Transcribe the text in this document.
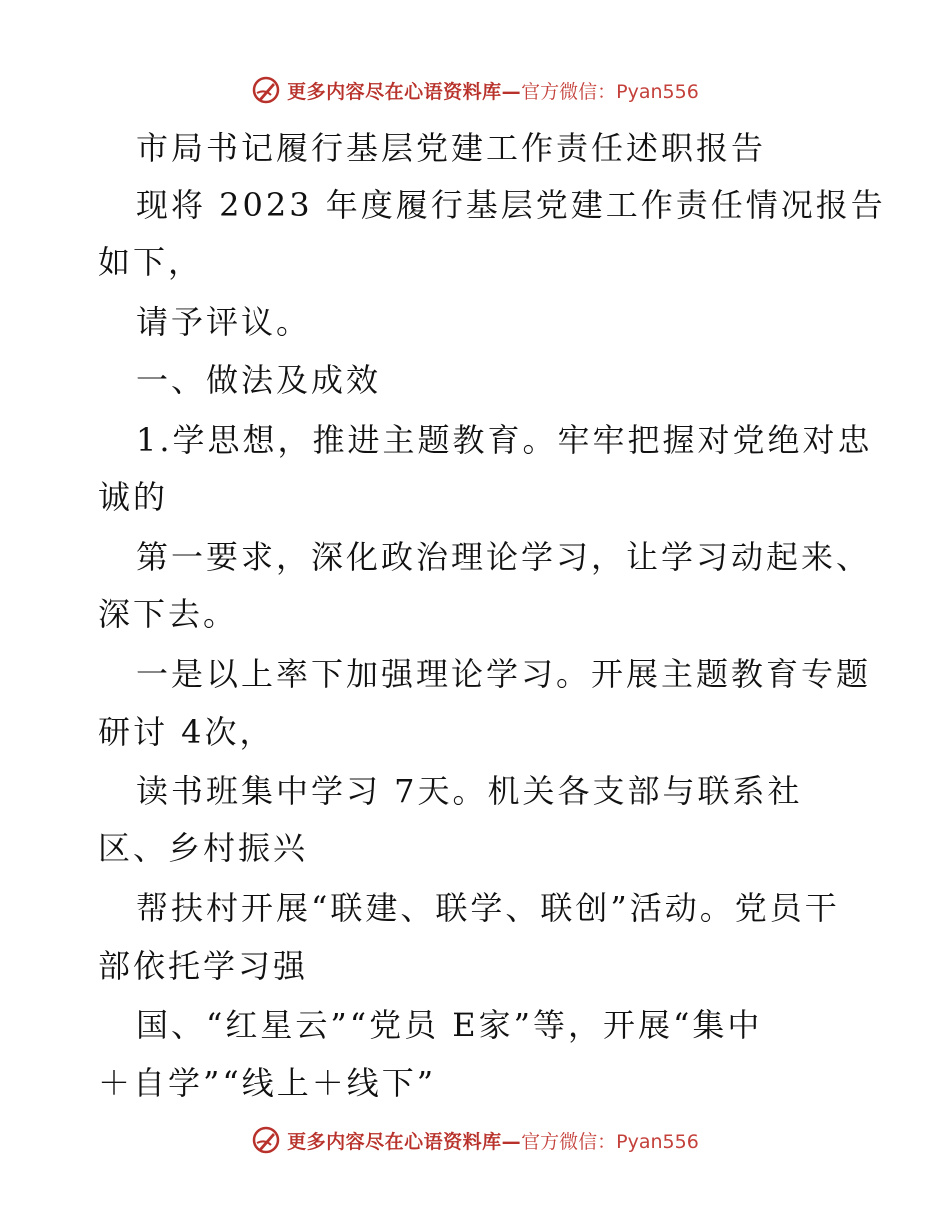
更多内容尽在心语资料库— 官方微信：Pyan556
市局书记履行基层党建工作责任述职报告
现将 2023 年度履行基层党建工作责任情况报告
如下，
请予评议。
一、做法及成效
1.学思想，推进主题教育。牢牢把握对党绝对忠
诚的
第一要求，深化政治理论学习，让学习动起来、
深下去。
一是以上率下加强理论学习。开展主题教育专题
研讨 4次，
读书班集中学习 7天。机关各支部与联系社
区、乡村振兴
帮扶村开展“联建、联学、联创”活动。党员干
部依托学习强
国、“红星云”“党员 E家”等，开展“集中
＋自学”“线上＋线下”
更多内容尽在心语资料库— 官方微信：Pyan556
